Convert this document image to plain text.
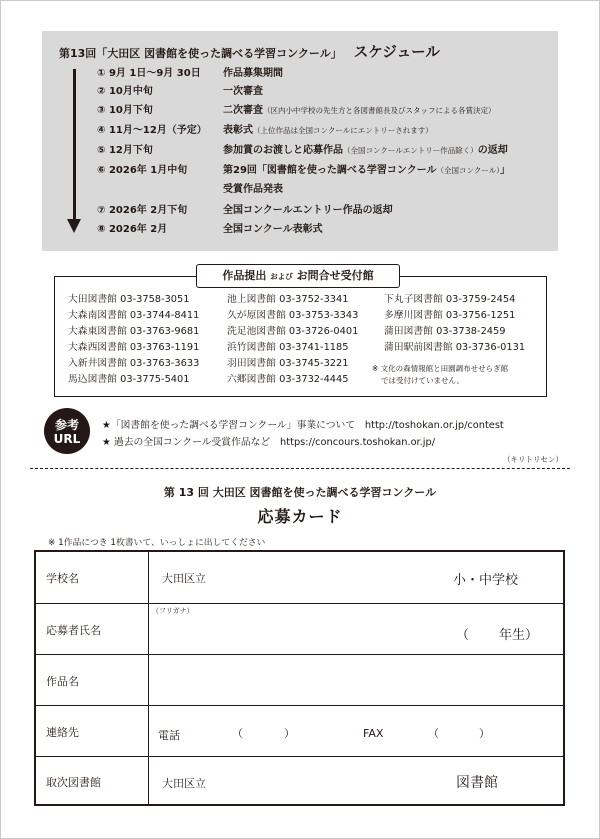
第13回「大田区 図書館を使った調べる学習コンクール」 スケジュール
① 9月 1日～9月 30日 作品募集期間
② 10月中旬	一次審査
③ 10月下旬	二次審査（区内小中学校の先生方と各図書館長及びスタッフによる各賞決定）
④ 11月～12月（予定） 表彰式（上位作品は全国コンクールにエントリーされます）
⑤ 12月下旬	参加賞のお渡しと応募作品（全国コンクールエントリー作品除く）の返却
⑥ 2026年 1月中旬	第29回「図書館を使った調べる学習コンクール（全国コンクール）」
受賞作品発表
⑦ 2026年 2月下旬	全国コンクールエントリー作品の返却
⑧ 2026年 2月	全国コンクール表彰式
作品提出 および お問合せ受付館
大田図書館 03-3758-3051
大森南図書館 03-3744-8411
大森東図書館 03-3763-9681
大森西図書館 03-3763-1191
入新井図書館 03-3763-3633
馬込図書館 03-3775-5401
池上図書館 03-3752-3341
久が原図書館 03-3753-3343
洗足池図書館 03-3726-0401
浜竹図書館 03-3741-1185
羽田図書館 03-3745-3221
六郷図書館 03-3732-4445
下丸子図書館 03-3759-2454
多摩川図書館 03-3756-1251
蒲田図書館 03-3738-2459
蒲田駅前図書館 03-3736-0131
※ 文化の森情報館と田園調布せせらぎ館
では受付けていません。
参考
URL
★「図書館を使った調べる学習コンクール」事業について　http://toshokan.or.jp/contest
★ 過去の全国コンクール受賞作品など　https://concours.toshokan.or.jp/
（キリトリセン）
第 13 回 大田区 図書館を使った調べる学習コンクール
応募カード
※ 1作品につき 1枚書いて、いっしょに出してください
学校名	大田区立	小・中学校
応募者氏名
（フリガナ）
（ 年生）
作品名
連絡先	電話	（	）	FAX	（	）
取次図書館	大田区立	図書館
